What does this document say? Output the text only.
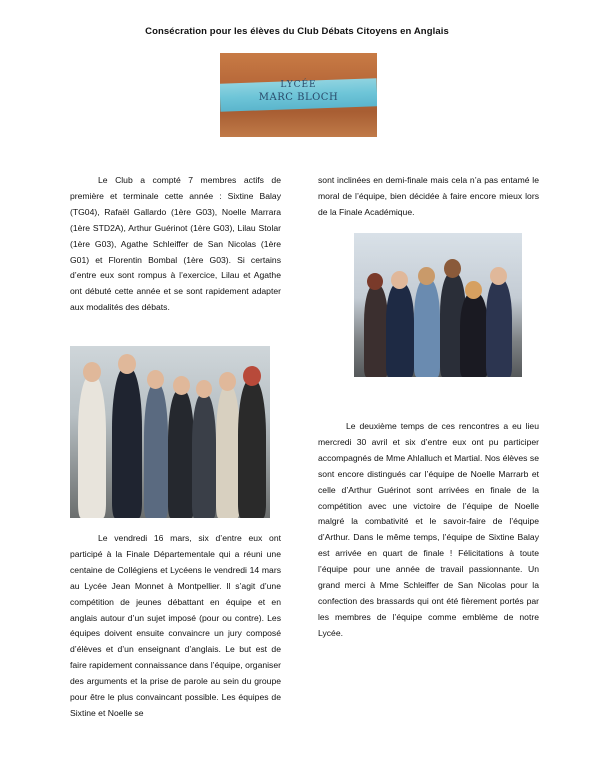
Consécration pour les élèves du Club Débats Citoyens en Anglais
LYCÉE
MARC BLOCH

Le Club a compté 7 membres actifs de première et terminale cette année : Sixtine Balay (TG04), Rafaël Gallardo (1ère G03), Noelle Marrara (1ère STD2A), Arthur Guérinot (1ère G03), Lilau Stolar (1ère G03), Agathe Schleiffer de San Nicolas (1ère G01) et Florentin Bombal (1ère G03). Si certains d’entre eux sont rompus à l’exercice, Lilau et Agathe ont débuté cette année et se sont rapidement adapter aux modalités des débats.

Le vendredi 16 mars, six d’entre eux ont participé à la Finale Départementale qui a réuni une centaine de Collégiens et Lycéens le vendredi 14 mars au Lycée Jean Monnet à Montpellier. Il s’agit d’une compétition de jeunes débattant en équipe et en anglais autour d’un sujet imposé (pour ou contre). Les équipes doivent ensuite convaincre un jury composé d’élèves et d’un enseignant d’anglais. Le but est de faire rapidement connaissance dans l’équipe, organiser des arguments et la prise de parole au sein du groupe pour être le plus convaincant possible. Les équipes de Sixtine et Noelle se

sont inclinées en demi-finale mais cela n’a pas entamé le moral de l’équipe, bien décidée à faire encore mieux lors de la Finale Académique.

Le deuxième temps de ces rencontres a eu lieu mercredi 30 avril et six d’entre eux ont pu participer accompagnés de Mme Ahlalluch et Martial. Nos élèves se sont encore distingués car l’équipe de Noelle Marrarb et celle d’Arthur Guérinot sont arrivées en finale de la compétition avec une victoire de l’équipe de Noelle malgré la combativité et le savoir-faire de l’équipe d’Arthur. Dans le même temps, l’équipe de Sixtine Balay est arrivée en quart de finale ! Félicitations à toute l’équipe pour une année de travail passionnante. Un grand merci à Mme Schleiffer de San Nicolas pour la confection des brassards qui ont été fièrement portés par les membres de l’équipe comme emblème de notre Lycée.
